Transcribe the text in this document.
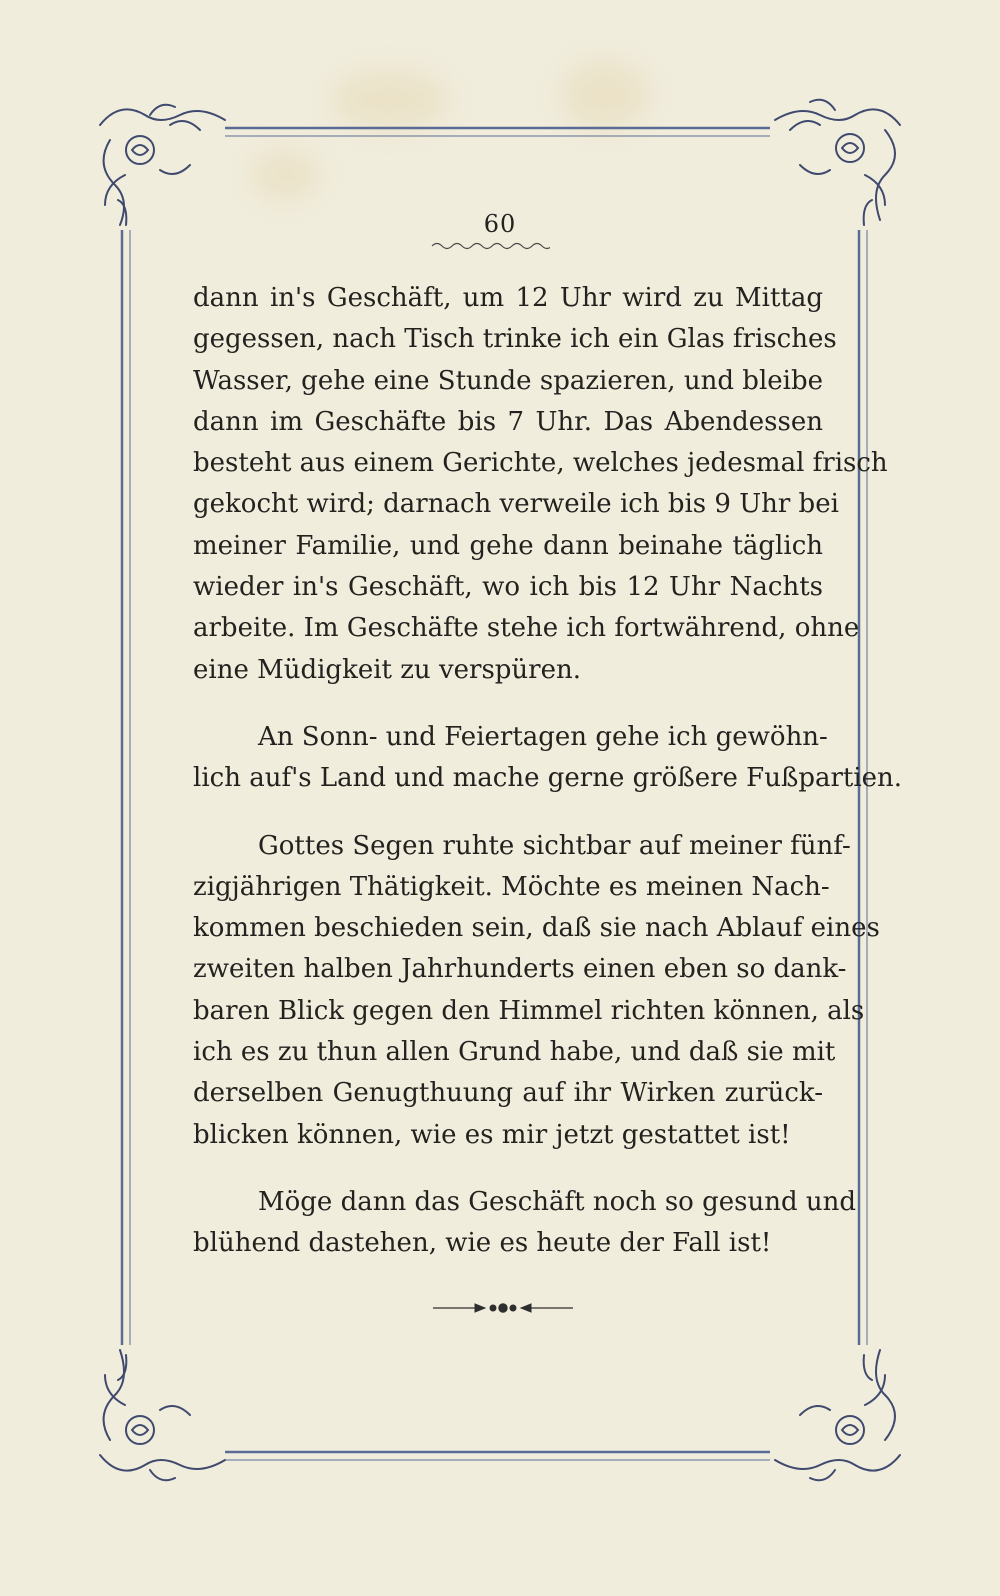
60
dann in's Geschäft, um 12 Uhr wird zu Mittag
gegessen, nach Tisch trinke ich ein Glas frisches
Wasser, gehe eine Stunde spazieren, und bleibe
dann im Geschäfte bis 7 Uhr. Das Abendessen
besteht aus einem Gerichte, welches jedesmal frisch
gekocht wird; darnach verweile ich bis 9 Uhr bei
meiner Familie, und gehe dann beinahe täglich
wieder in's Geschäft, wo ich bis 12 Uhr Nachts
arbeite. Im Geschäfte stehe ich fortwährend, ohne
eine Müdigkeit zu verspüren.
An Sonn- und Feiertagen gehe ich gewöhn-
lich auf's Land und mache gerne größere Fußpartien.
Gottes Segen ruhte sichtbar auf meiner fünf-
zigjährigen Thätigkeit. Möchte es meinen Nach-
kommen beschieden sein, daß sie nach Ablauf eines
zweiten halben Jahrhunderts einen eben so dank-
baren Blick gegen den Himmel richten können, als
ich es zu thun allen Grund habe, und daß sie mit
derselben Genugthuung auf ihr Wirken zurück-
blicken können, wie es mir jetzt gestattet ist!
Möge dann das Geschäft noch so gesund und
blühend dastehen, wie es heute der Fall ist!
